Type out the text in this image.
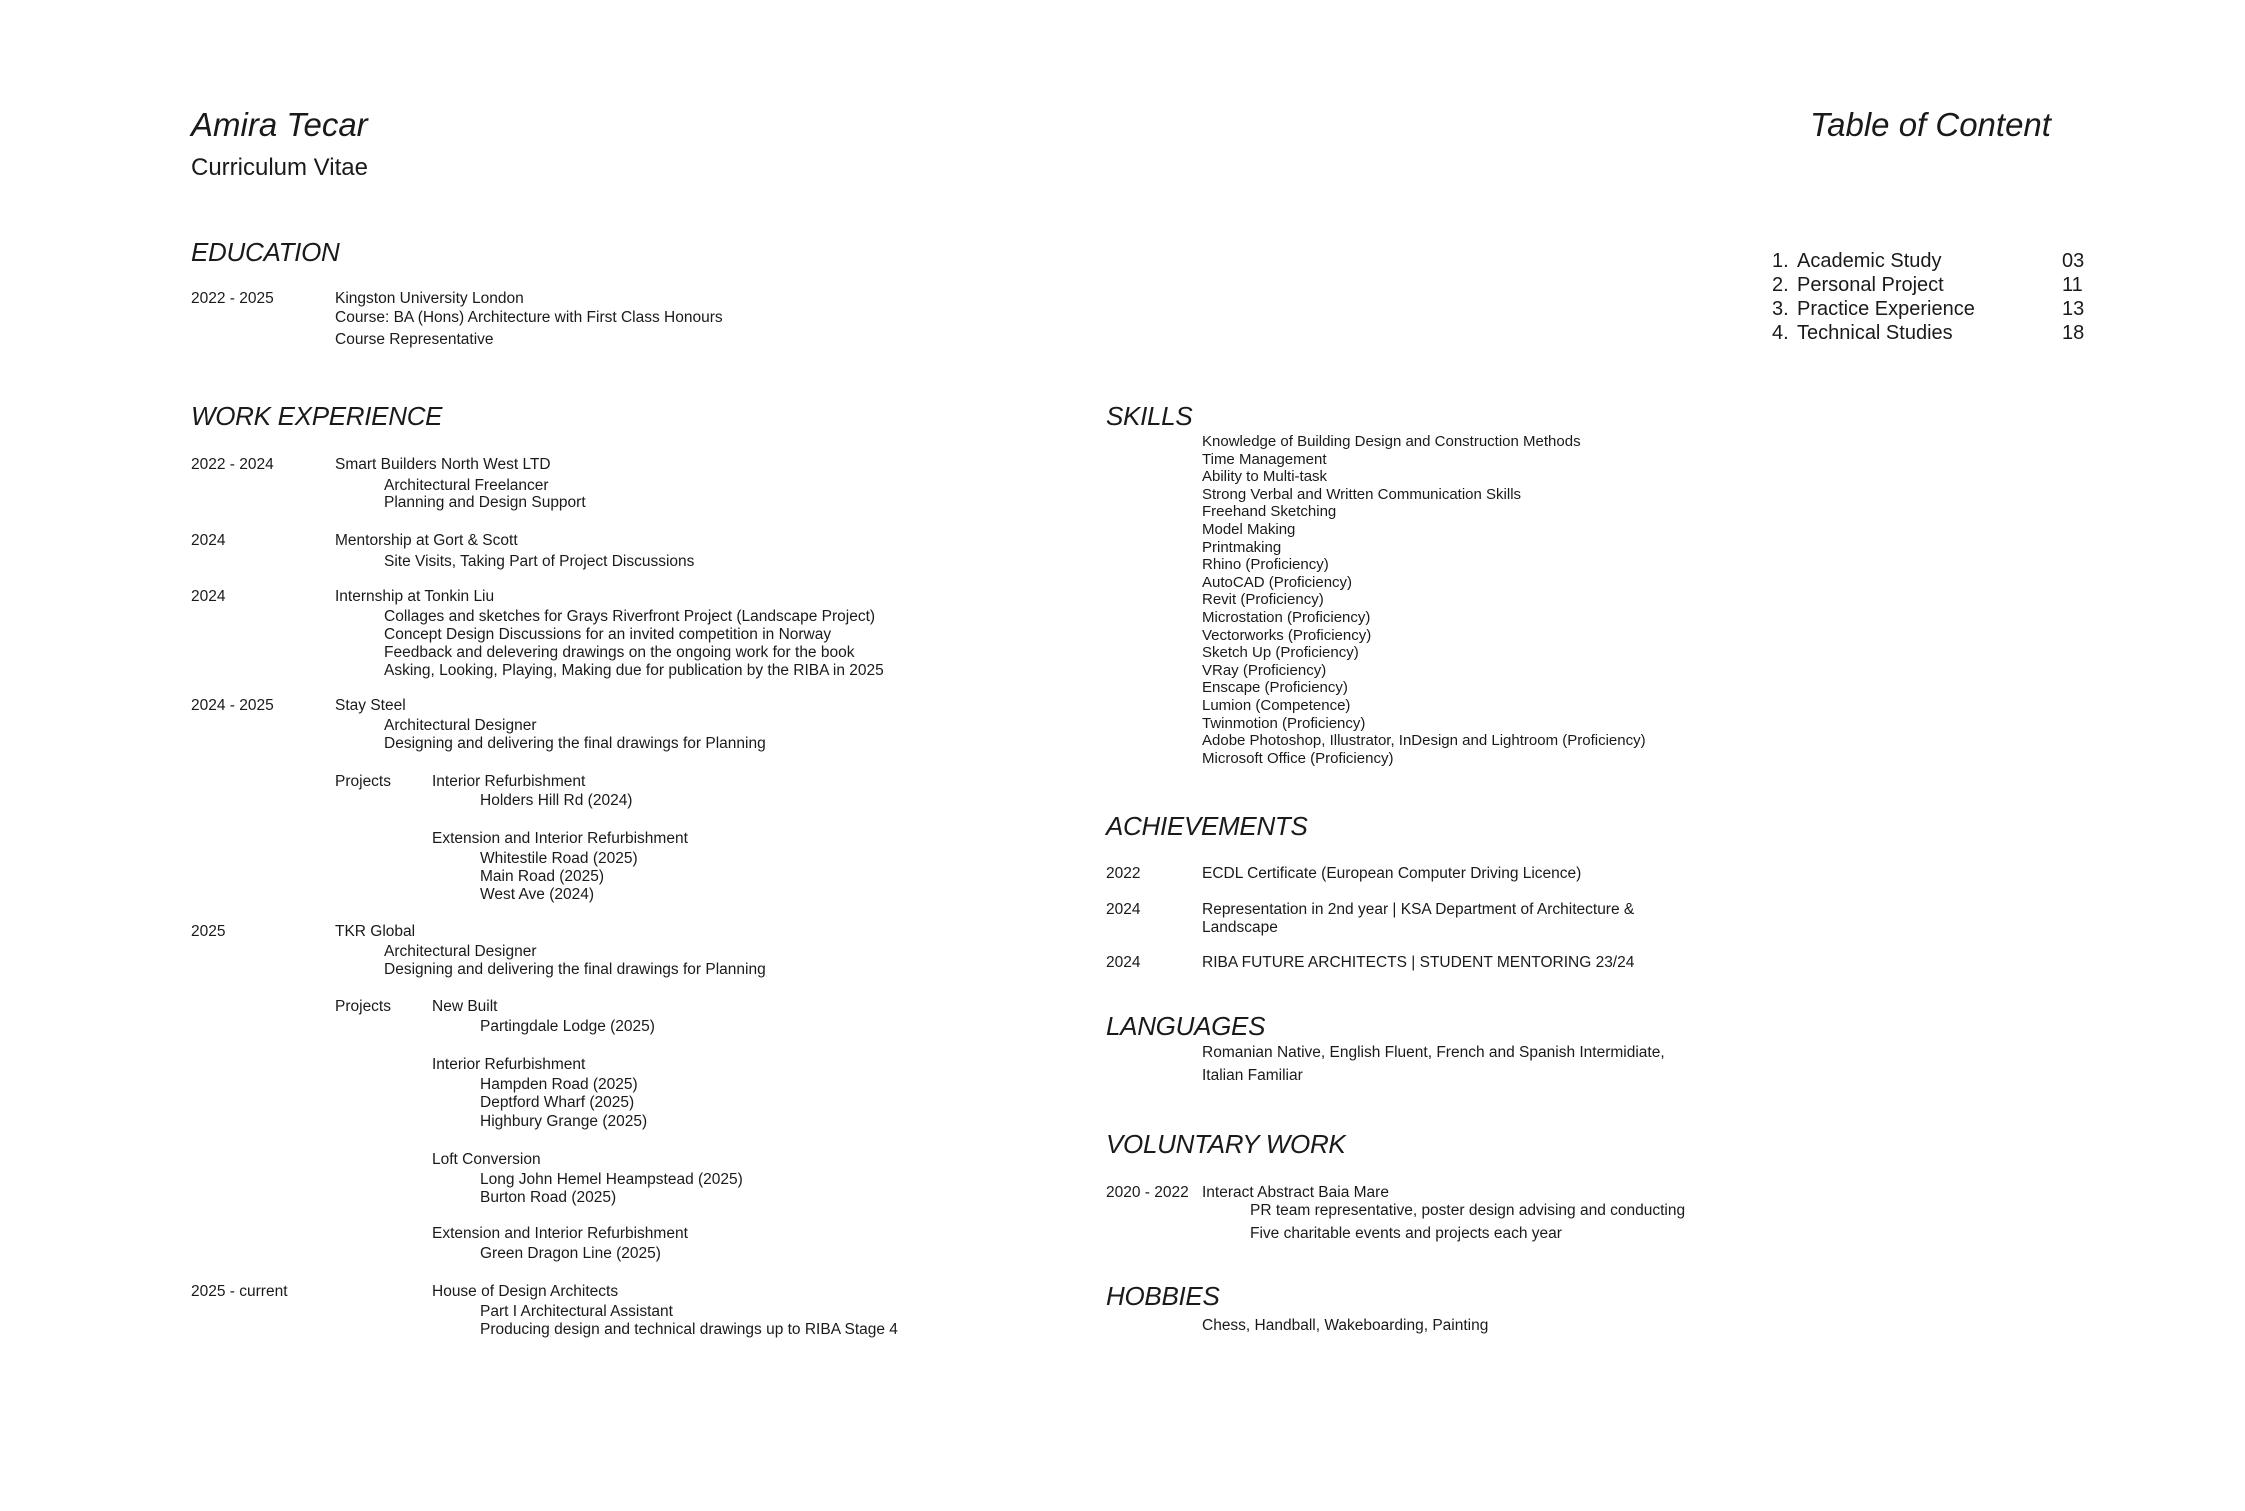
Amira Tecar
Curriculum Vitae
Table of Content
1. Academic Study	03
2. Personal Project	11
3. Practice Experience	13
4. Technical Studies	18
EDUCATION
2022 - 2025	Kingston University London
Course: BA (Hons) Architecture with First Class Honours
Course Representative
WORK EXPERIENCE
2022 - 2024	Smart Builders North West LTD
Architectural Freelancer
Planning and Design Support
2024	Mentorship at Gort & Scott
Site Visits, Taking Part of Project Discussions
2024	Internship at Tonkin Liu
Collages and sketches for Grays Riverfront Project (Landscape Project)
Concept Design Discussions for an invited competition in Norway
Feedback and delevering drawings on the ongoing work for the book
Asking, Looking, Playing, Making due for publication by the RIBA in 2025
2024 - 2025	Stay Steel
Architectural Designer
Designing and delivering the final drawings for Planning
Projects	Interior Refurbishment
Holders Hill Rd (2024)
Extension and Interior Refurbishment
Whitestile Road (2025)
Main Road (2025)
West Ave (2024)
2025	TKR Global
Architectural Designer
Designing and delivering the final drawings for Planning
Projects	New Built
Partingdale Lodge (2025)
Interior Refurbishment
Hampden Road (2025)
Deptford Wharf (2025)
Highbury Grange (2025)
Loft Conversion
Long John Hemel Heampstead (2025)
Burton Road (2025)
Extension and Interior Refurbishment
Green Dragon Line (2025)
2025 - current	House of Design Architects
Part I Architectural Assistant
Producing design and technical drawings up to RIBA Stage 4
SKILLS
Knowledge of Building Design and Construction Methods
Time Management
Ability to Multi-task
Strong Verbal and Written Communication Skills
Freehand Sketching
Model Making
Printmaking
Rhino (Proficiency)
AutoCAD (Proficiency)
Revit (Proficiency)
Microstation (Proficiency)
Vectorworks (Proficiency)
Sketch Up (Proficiency)
VRay (Proficiency)
Enscape (Proficiency)
Lumion (Competence)
Twinmotion (Proficiency)
Adobe Photoshop, Illustrator, InDesign and Lightroom (Proficiency)
Microsoft Office (Proficiency)
ACHIEVEMENTS
2022	ECDL Certificate (European Computer Driving Licence)
2024	Representation in 2nd year | KSA Department of Architecture &
Landscape
2024	RIBA FUTURE ARCHITECTS | STUDENT MENTORING 23/24
LANGUAGES
Romanian Native, English Fluent, French and Spanish Intermidiate,
Italian Familiar
VOLUNTARY WORK
2020 - 2022 Interact Abstract Baia Mare
PR team representative, poster design advising and conducting
Five charitable events and projects each year
HOBBIES
Chess, Handball, Wakeboarding, Painting
